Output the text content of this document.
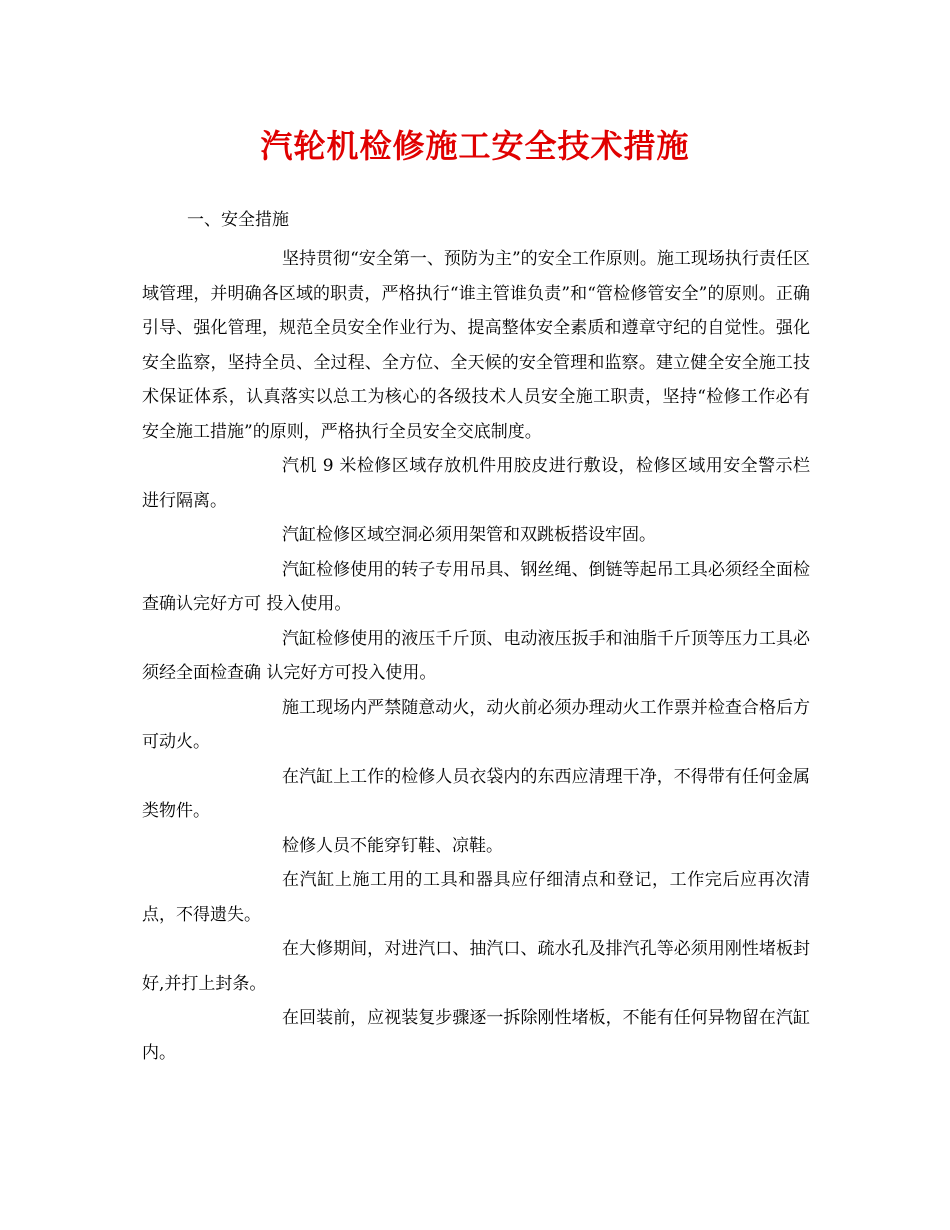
汽轮机检修施工安全技术措施

一、安全措施

坚持贯彻“安全第一、预防为主”的安全工作原则。施工现场执行责任区域管理，并明确各区域的职责，严格执行“谁主管谁负责”和“管检修管安全”的原则。正确引导、强化管理，规范全员安全作业行为、提高整体安全素质和遵章守纪的自觉性。强化安全监察，坚持全员、全过程、全方位、全天候的安全管理和监察。建立健全安全施工技术保证体系，认真落实以总工为核心的各级技术人员安全施工职责，坚持“检修工作必有安全施工措施”的原则，严格执行全员安全交底制度。

汽机 9 米检修区域存放机件用胶皮进行敷设，检修区域用安全警示栏进行隔离。

汽缸检修区域空洞必须用架管和双跳板搭设牢固。

汽缸检修使用的转子专用吊具、钢丝绳、倒链等起吊工具必须经全面检查确认完好方可 投入使用。

汽缸检修使用的液压千斤顶、电动液压扳手和油脂千斤顶等压力工具必须经全面检查确 认完好方可投入使用。

施工现场内严禁随意动火，动火前必须办理动火工作票并检查合格后方可动火。

在汽缸上工作的检修人员衣袋内的东西应清理干净，不得带有任何金属类物件。

检修人员不能穿钉鞋、凉鞋。

在汽缸上施工用的工具和器具应仔细清点和登记，工作完后应再次清点，不得遗失。

在大修期间，对进汽口、抽汽口、疏水孔及排汽孔等必须用刚性堵板封好,并打上封条。

在回装前，应视装复步骤逐一拆除刚性堵板，不能有任何异物留在汽缸内。
